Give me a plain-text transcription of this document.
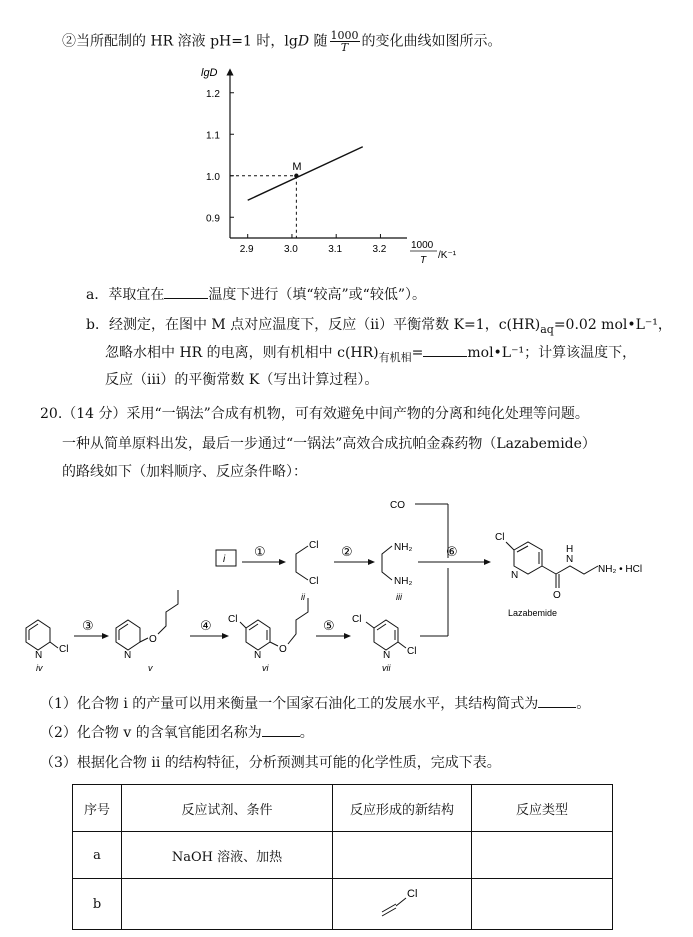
②当所配制的 HR 溶液 pH=1 时，lgD 随 $\frac{1000}{T}$ 的变化曲线如图所示。
lgD
1000
T /K⁻¹
2.9	3.0	3.1	3.2
0.9
1.0
1.1
1.2
M
a．萃取宜在	温度下进行（填“较高”或“较低”）。
b．经测定，在图中 M 点对应温度下，反应（ii）平衡常数 K=1，$c(HR)_{aq}=0.02$ mol•L⁻¹，
忽略水相中 HR 的电离，则有机相中 $c(HR)_{有机相}=$	mol•L⁻¹；计算该温度下，
反应（iii）的平衡常数 K（写出计算过程）。
20.（14 分）采用“一锅法”合成有机物，可有效避免中间产物的分离和纯化处理等问题。
一种从简单原料出发，最后一步通过“一锅法”高效合成抗帕金森药物（Lazabemide）
的路线如下（加料顺序、反应条件略）：
CO
i
①	Cl
Cl
ii
②	NH₂
NH₂
iii
⑥
Cl
N
O
H
N
NH₂ • HCl
Lazabemide
N
Cl
iv
③
N
O
v
④ Cl
N
O
vi
⑤ Cl
N Cl
vii
（1）化合物 i 的产量可以用来衡量一个国家石油化工的发展水平，其结构简式为	。
（2）化合物 v 的含氧官能团名称为	。
（3）根据化合物 ii 的结构特征，分析预测其可能的化学性质，完成下表。
序号	反应试剂、条件	反应形成的新结构	反应类型
a	NaOH 溶液、加热		
b		Cl	
